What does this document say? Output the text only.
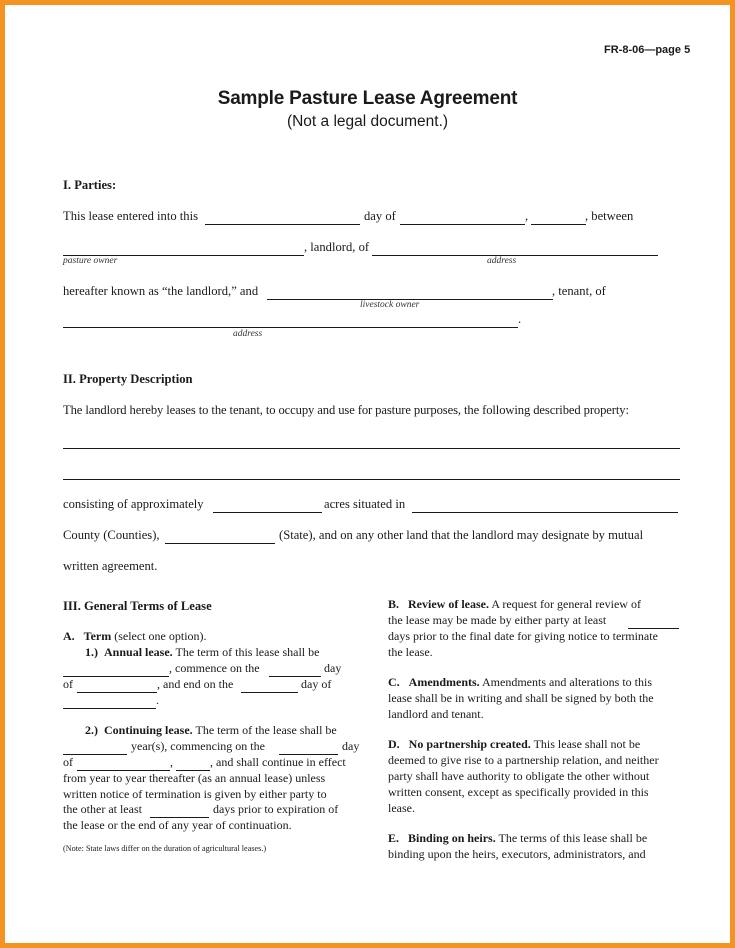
FR-8-06—page 5
Sample Pasture Lease Agreement
(Not a legal document.)
I. Parties:
This lease entered into this	day of	,	, between
, landlord, of
pasture owner	address
hereafter known as “the landlord,” and	, tenant, of
livestock owner
.
address
II. Property Description
The landlord hereby leases to the tenant, to occupy and use for pasture purposes, the following described property:
consisting of approximately	acres situated in
County (Counties),	(State), and on any other land that the landlord may designate by mutual
written agreement.
III. General Terms of Lease
A. Term (select one option).
1.) Annual lease. The term of this lease shall be
, commence on the	day
of	, and end on the	day of
.
2.) Continuing lease. The term of the lease shall be
year(s), commencing on the	day
of	,	, and shall continue in effect
from year to year thereafter (as an annual lease) unless
written notice of termination is given by either party to
the other at least	days prior to expiration of
the lease or the end of any year of continuation.
(Note: State laws differ on the duration of agricultural leases.)
B. Review of lease. A request for general review of
the lease may be made by either party at least
days prior to the final date for giving notice to terminate
the lease.
C. Amendments. Amendments and alterations to this
lease shall be in writing and shall be signed by both the
landlord and tenant.
D. No partnership created. This lease shall not be
deemed to give rise to a partnership relation, and neither
party shall have authority to obligate the other without
written consent, except as specifically provided in this
lease.
E. Binding on heirs. The terms of this lease shall be
binding upon the heirs, executors, administrators, and
